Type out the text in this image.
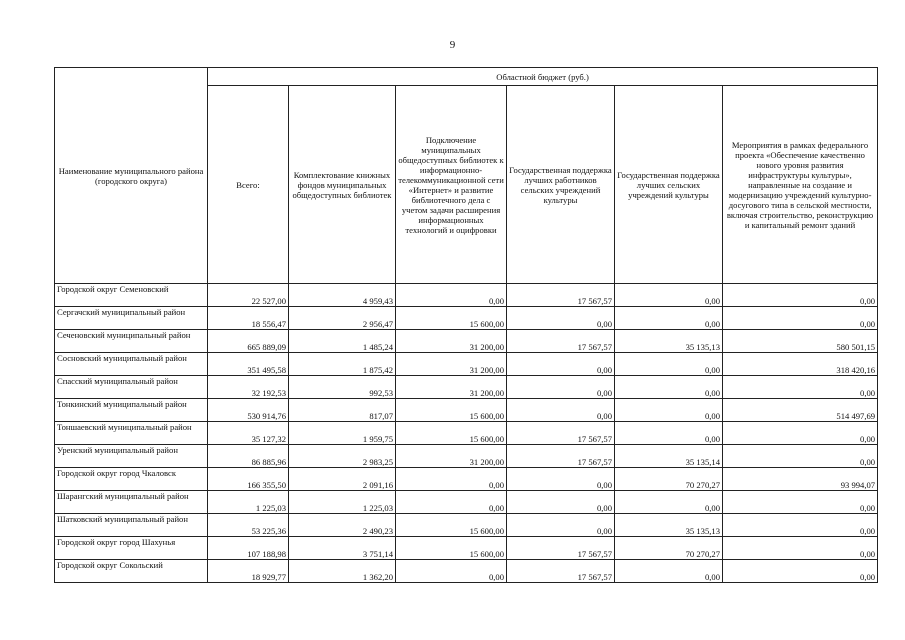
9
Наименование муниципального района (городского округа)	Областной бюджет (руб.)					
	Всего:	Комплектование книжных фондов муниципальных общедоступных библиотек	Подключение муниципальных общедоступных библиотек к информационно-телекоммуникационной сети «Интернет» и развитие библиотечного дела с учетом задачи расширения информационных технологий и оцифровки	Государственная поддержка лучших работников сельских учреждений культуры	Государственная поддержка лучших сельских учреждений культуры	Мероприятия в рамках федерального проекта «Обеспечение качественно нового уровня развития инфраструктуры культуры», направленные на создание и модернизацию учреждений культурно-досугового типа в сельской местности, включая строительство, реконструкцию и капитальный ремонт зданий
Городской округ Семеновский	22 527,00	4 959,43	0,00	17 567,57	0,00	0,00
Сергачский муниципальный район	18 556,47	2 956,47	15 600,00	0,00	0,00	0,00
Сеченовский муниципальный район	665 889,09	1 485,24	31 200,00	17 567,57	35 135,13	580 501,15
Сосновский муниципальный район	351 495,58	1 875,42	31 200,00	0,00	0,00	318 420,16
Спасский муниципальный район	32 192,53	992,53	31 200,00	0,00	0,00	0,00
Тонкинский муниципальный район	530 914,76	817,07	15 600,00	0,00	0,00	514 497,69
Тоншаевский муниципальный район	35 127,32	1 959,75	15 600,00	17 567,57	0,00	0,00
Уренский муниципальный район	86 885,96	2 983,25	31 200,00	17 567,57	35 135,14	0,00
Городской округ город Чкаловск	166 355,50	2 091,16	0,00	0,00	70 270,27	93 994,07
Шарангский муниципальный район	1 225,03	1 225,03	0,00	0,00	0,00	0,00
Шатковский муниципальный район	53 225,36	2 490,23	15 600,00	0,00	35 135,13	0,00
Городской округ город Шахунья	107 188,98	3 751,14	15 600,00	17 567,57	70 270,27	0,00
Городской округ Сокольский	18 929,77	1 362,20	0,00	17 567,57	0,00	0,00
